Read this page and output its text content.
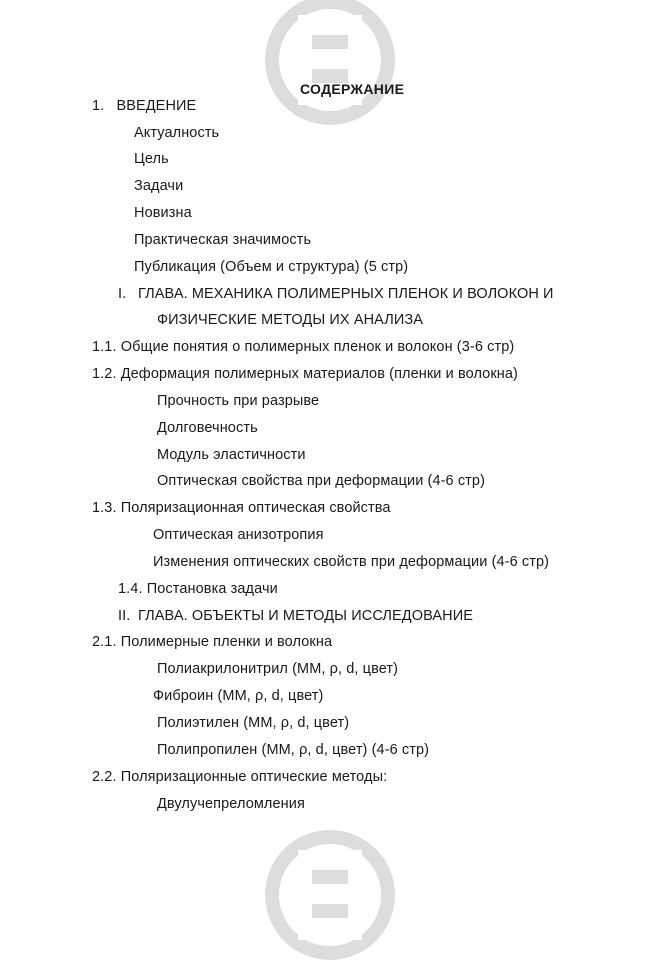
СОДЕРЖАНИЕ
1. ВВЕДЕНИЕ
Актуалность
Цель
Задачи
Новизна
Практическая значимость
Публикация (Объем и структура) (5 стр)
I. ГЛАВА. МЕХАНИКА ПОЛИМЕРНЫХ ПЛЕНОК И ВОЛОКОН И
ФИЗИЧЕСКИЕ МЕТОДЫ ИХ АНАЛИЗА
1.1. Общие понятия о полимерных пленок и волокон (3-6 стр)
1.2. Деформация полимерных материалов (пленки и волокна)
Прочность при разрыве
Долговечность
Модуль эластичности
Оптическая свойства при деформации (4-6 стр)
1.3. Поляризационная оптическая свойства
Оптическая анизотропия
Изменения оптических свойств при деформации (4-6 стр)
1.4. Постановка задачи
II. ГЛАВА. ОБЪЕКТЫ И МЕТОДЫ ИССЛЕДОВАНИЕ
2.1. Полимерные пленки и волокна
Полиакрилонитрил (ММ, ρ, d, цвет)
Фиброин (ММ, ρ, d, цвет)
Полиэтилен (ММ, ρ, d, цвет)
Полипропилен (ММ, ρ, d, цвет) (4-6 стр)
2.2. Поляризационные оптические методы:
Двулучепреломления
